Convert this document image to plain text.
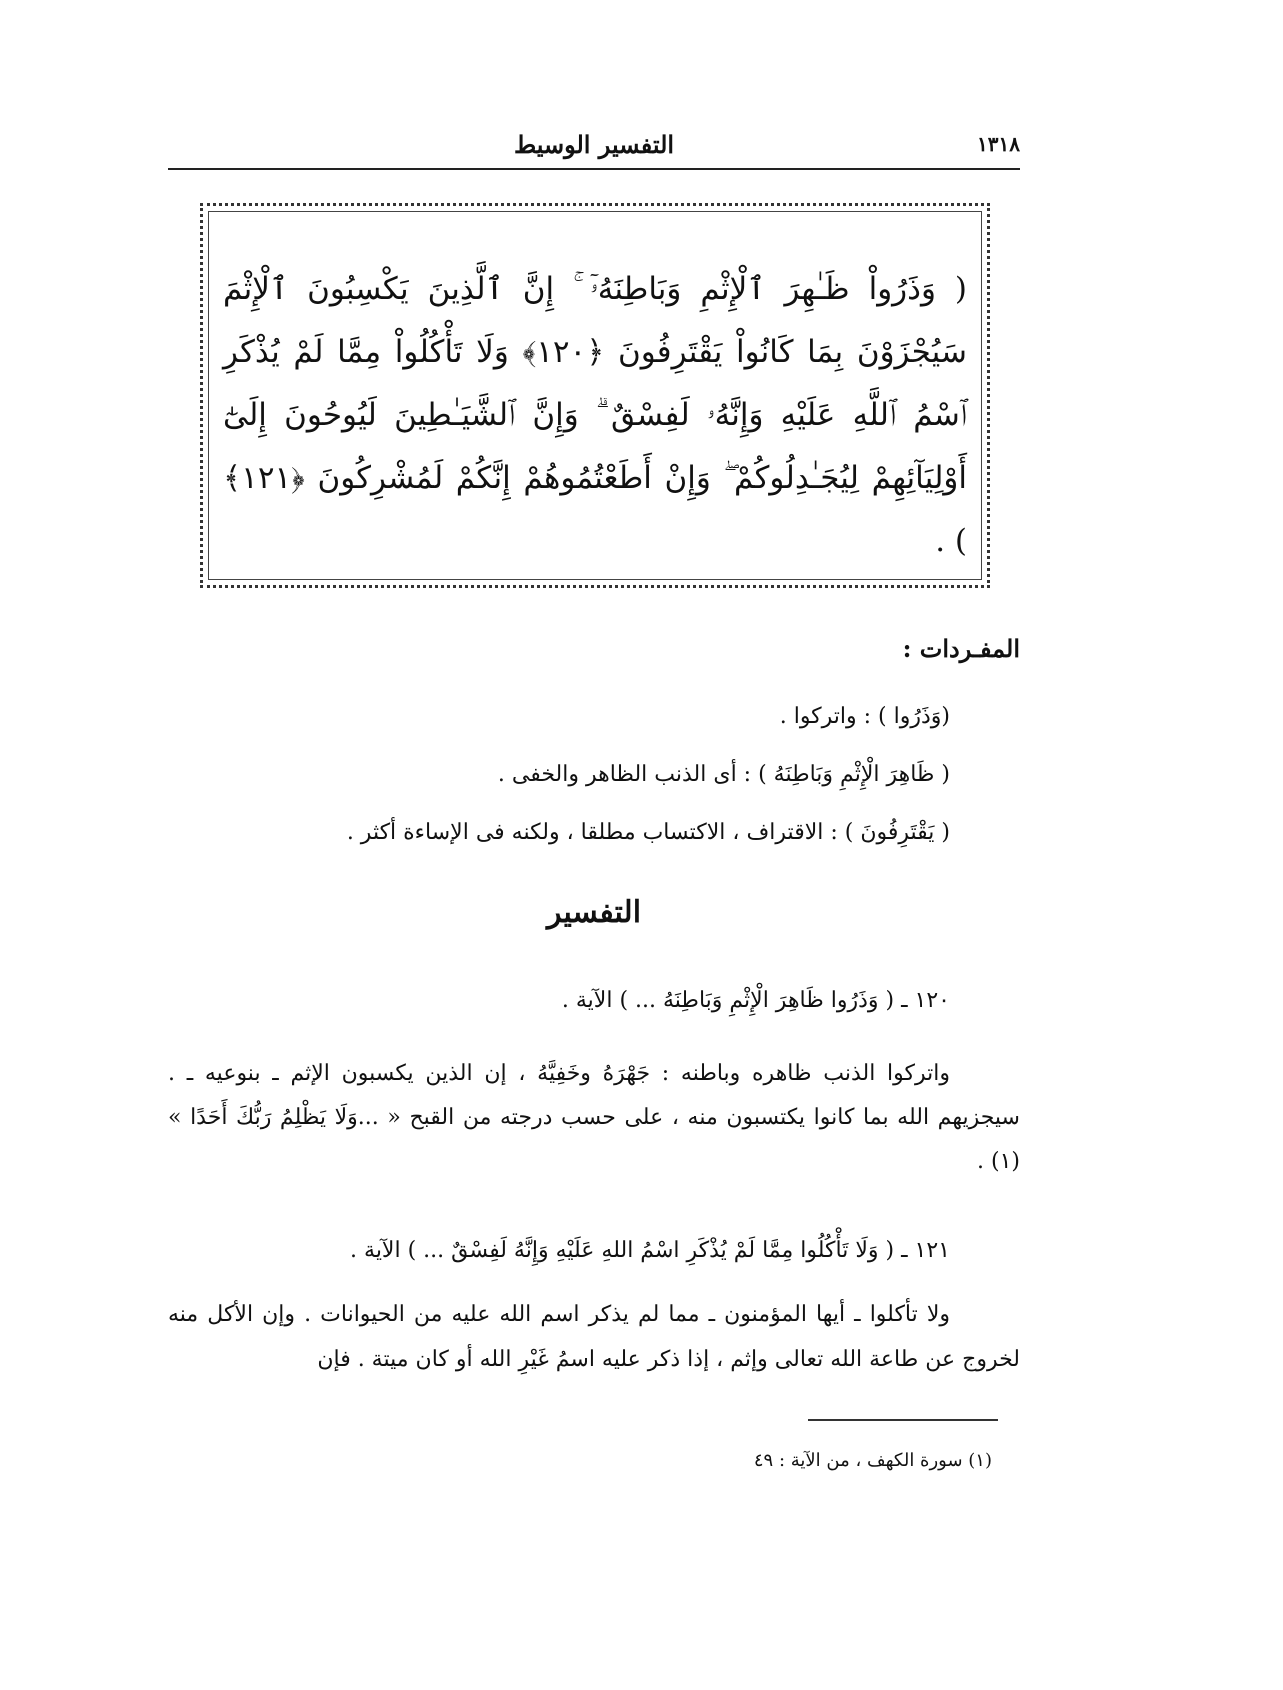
١٣١٨
التفسير الوسيط
( وَذَرُواْ ظَـٰهِرَ ٱلْإِثْمِ وَبَاطِنَهُۥٓ ۚ إِنَّ ٱلَّذِينَ يَكْسِبُونَ ٱلْإِثْمَ سَيُجْزَوْنَ بِمَا كَانُواْ يَقْتَرِفُونَ ﴿١٢٠﴾ وَلَا تَأْكُلُواْ مِمَّا لَمْ يُذْكَرِ ٱسْمُ ٱللَّهِ عَلَيْهِ وَإِنَّهُۥ لَفِسْقٌ ۗ وَإِنَّ ٱلشَّيَـٰطِينَ لَيُوحُونَ إِلَىٰٓ أَوْلِيَآئِهِمْ لِيُجَـٰدِلُوكُمْ ۖ وَإِنْ أَطَعْتُمُوهُمْ إِنَّكُمْ لَمُشْرِكُونَ ﴿١٢١﴾ ) .
المفـردات :
(وَذَرُوا ) : واتركوا .
( ظَاهِرَ الْإِثْمِ وَبَاطِنَهُ ) : أى الذنب الظاهر والخفى .
( يَقْتَرِفُونَ ) : الاقتراف ، الاكتساب مطلقا ، ولكنه فى الإساءة أكثر .
التفسير
١٢٠ ـ ( وَذَرُوا ظَاهِرَ الْإِثْمِ وَبَاطِنَهُ ... ) الآية .
واتركوا الذنب ظاهره وباطنه : جَهْرَهُ وخَفِيَّهُ ، إن الذين يكسبون الإثم ـ بنوعيه ـ . سيجزيهم الله بما كانوا يكتسبون منه ، على حسب درجته من القبح « ...وَلَا يَظْلِمُ رَبُّكَ أَحَدًا » (١) .
١٢١ ـ ( وَلَا تَأْكُلُوا مِمَّا لَمْ يُذْكَرِ اسْمُ اللهِ عَلَيْهِ وَإِنَّهُ لَفِسْقٌ ... ) الآية .
ولا تأكلوا ـ أيها المؤمنون ـ مما لم يذكر اسم الله عليه من الحيوانات . وإن الأكل منه لخروج عن طاعة الله تعالى وإثم ، إذا ذكر عليه اسمُ غَيْرِ الله أو كان ميتة . فإن
(١) سورة الكهف ، من الآية : ٤٩
